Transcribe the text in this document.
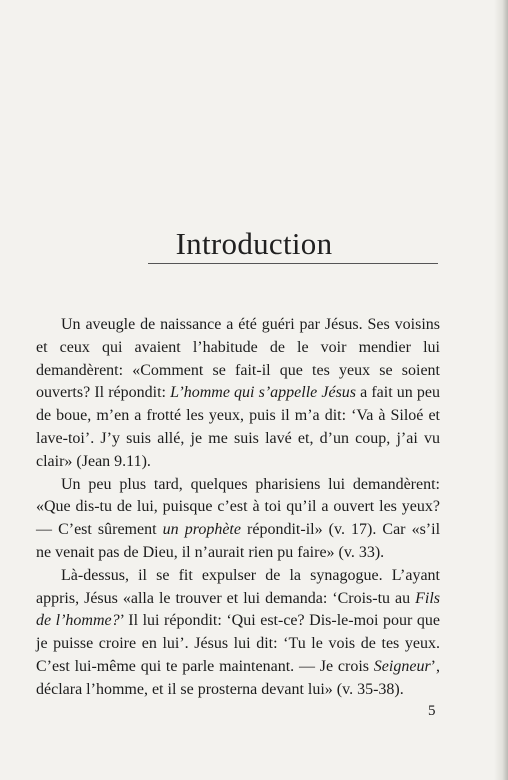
Introduction

Un aveugle de naissance a été guéri par Jésus. Ses voisins et ceux qui avaient l’habitude de le voir mendier lui demandèrent: «Comment se fait-il que tes yeux se soient ouverts? Il répondit: L’homme qui s’appelle Jésus a fait un peu de boue, m’en a frotté les yeux, puis il m’a dit: ‘Va à Siloé et lave-toi’. J’y suis allé, je me suis lavé et, d’un coup, j’ai vu clair» (Jean 9.11).

Un peu plus tard, quelques pharisiens lui demandèrent: «Que dis-tu de lui, puisque c’est à toi qu’il a ouvert les yeux? — C’est sûrement un prophète répondit-il» (v. 17). Car «s’il ne venait pas de Dieu, il n’aurait rien pu faire» (v. 33).

Là-dessus, il se fit expulser de la synagogue. L’ayant appris, Jésus «alla le trouver et lui demanda: ‘Crois-tu au Fils de l’homme?’ Il lui répondit: ‘Qui est-ce? Dis-le-moi pour que je puisse croire en lui’. Jésus lui dit: ‘Tu le vois de tes yeux. C’est lui-même qui te parle maintenant. — Je crois Seigneur’, déclara l’homme, et il se prosterna devant lui» (v. 35-38).

5
